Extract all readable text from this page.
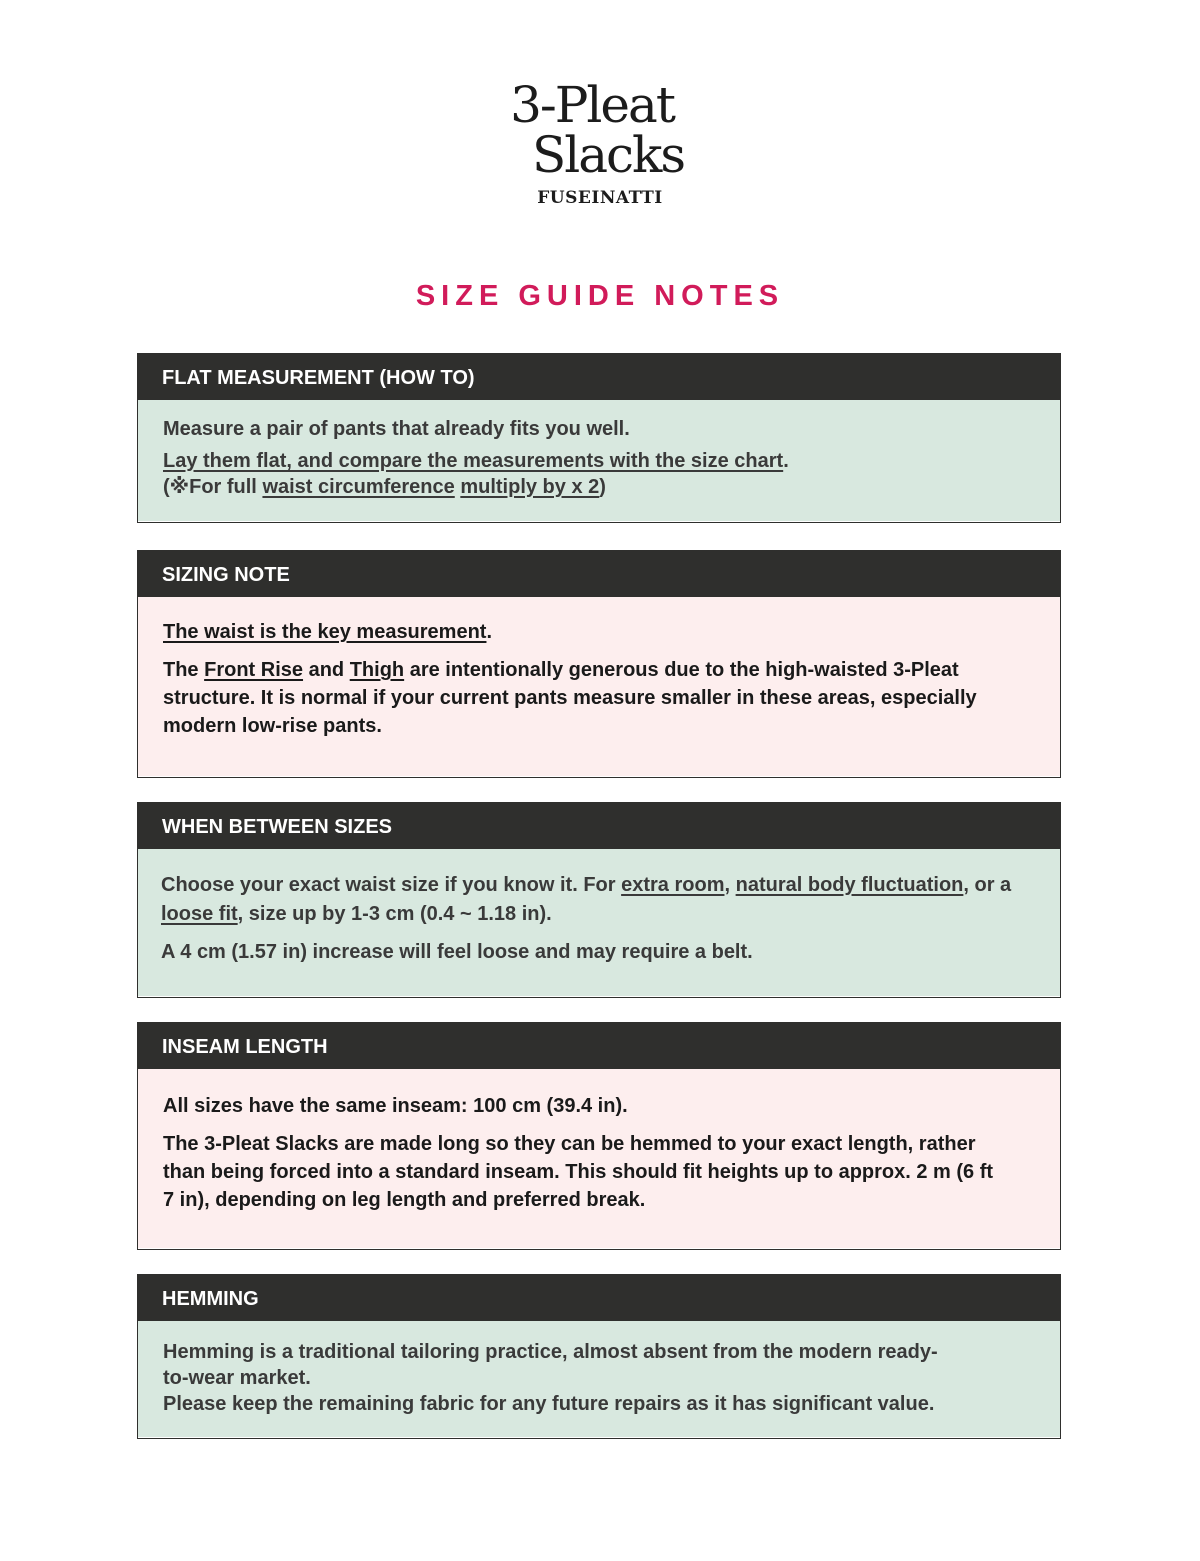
3-Pleat
Slacks
FUSEINATTI
SIZE GUIDE NOTES
FLAT MEASUREMENT (HOW TO)

Measure a pair of pants that already fits you well.

Lay them flat, and compare the measurements with the size chart.

(※For full waist circumference multiply by x 2)

SIZING NOTE

The waist is the key measurement.

The Front Rise and Thigh are intentionally generous due to the high-waisted 3-Pleat structure. It is normal if your current pants measure smaller in these areas, especially modern low-rise pants.

WHEN BETWEEN SIZES

Choose your exact waist size if you know it. For extra room, natural body fluctuation, or a loose fit, size up by 1-3 cm (0.4 ~ 1.18 in).

A 4 cm (1.57 in) increase will feel loose and may require a belt.

INSEAM LENGTH

All sizes have the same inseam: 100 cm (39.4 in).

The 3-Pleat Slacks are made long so they can be hemmed to your exact length, rather than being forced into a standard inseam. This should fit heights up to approx. 2 m (6 ft 7 in), depending on leg length and preferred break.

HEMMING

Hemming is a traditional tailoring practice, almost absent from the modern ready-to-wear market.

Please keep the remaining fabric for any future repairs as it has significant value.
